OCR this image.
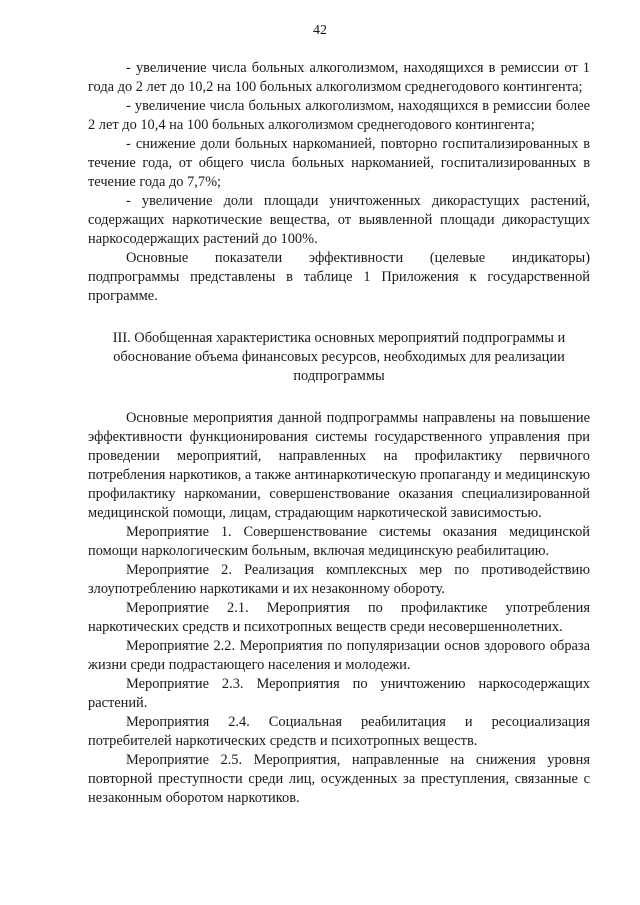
42

- увеличение числа больных алкоголизмом, находящихся в ремиссии от 1 года до 2 лет до 10,2 на 100 больных алкоголизмом среднегодового контингента;

- увеличение числа больных алкоголизмом, находящихся в ремиссии более 2 лет до 10,4 на 100 больных алкоголизмом среднегодового контингента;

- снижение доли больных наркоманией, повторно госпитализированных в течение года, от общего числа больных наркоманией, госпитализированных в течение года до 7,7%;

- увеличение доли площади уничтоженных дикорастущих растений, содержащих наркотические вещества, от выявленной площади дикорастущих наркосодержащих растений до 100%.

Основные показатели эффективности (целевые индикаторы) подпрограммы представлены в таблице 1 Приложения к государственной программе.

III. Обобщенная характеристика основных мероприятий подпрограммы и
обоснование объема финансовых ресурсов, необходимых для реализации
подпрограммы

Основные мероприятия данной подпрограммы направлены на повышение эффективности функционирования системы государственного управления при проведении мероприятий, направленных на профилактику первичного потребления наркотиков, а также антинаркотическую пропаганду и медицинскую профилактику наркомании, совершенствование оказания специализированной медицинской помощи, лицам, страдающим наркотической зависимостью.

Мероприятие 1. Совершенствование системы оказания медицинской помощи наркологическим больным, включая медицинскую реабилитацию.

Мероприятие 2. Реализация комплексных мер по противодействию злоупотреблению наркотиками и их незаконному обороту.

Мероприятие 2.1. Мероприятия по профилактике употребления наркотических средств и психотропных веществ среди несовершеннолетних.

Мероприятие 2.2. Мероприятия по популяризации основ здорового образа жизни среди подрастающего населения и молодежи.

Мероприятие 2.3. Мероприятия по уничтожению наркосодержащих растений.

Мероприятия 2.4. Социальная реабилитация и ресоциализация потребителей наркотических средств и психотропных веществ.

Мероприятие 2.5. Мероприятия, направленные на снижения уровня повторной преступности среди лиц, осужденных за преступления, связанные с незаконным оборотом наркотиков.
